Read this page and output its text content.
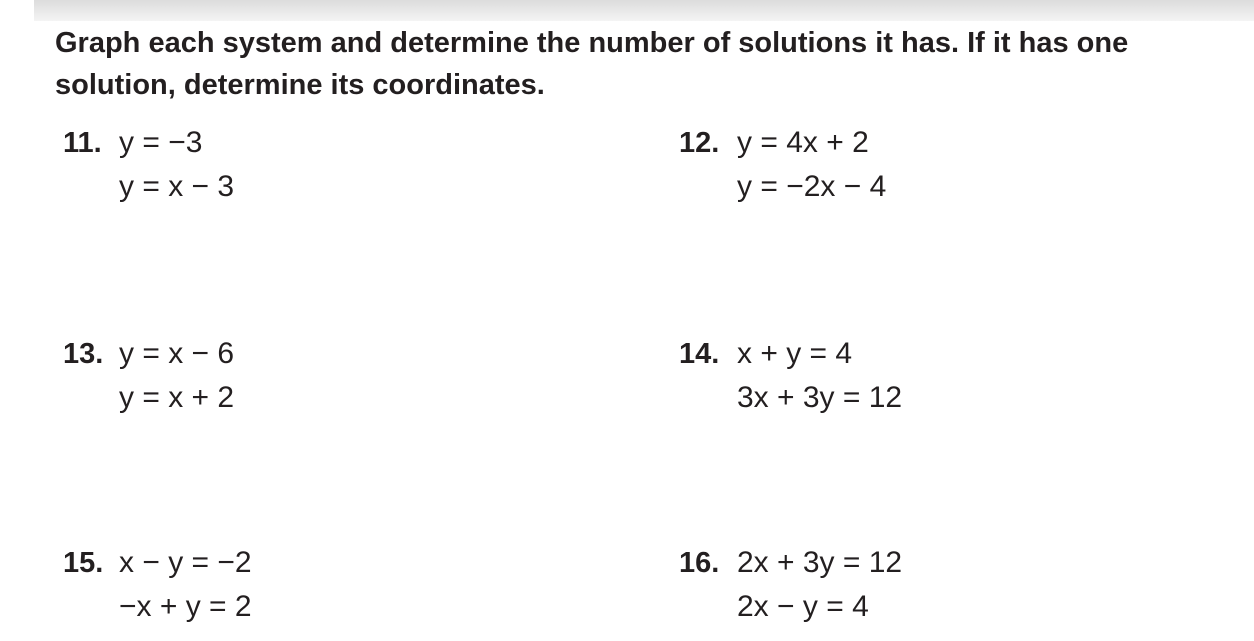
Graph each system and determine the number of solutions it has. If it has one solution, determine its coordinates.

11. y = −3
y = x − 3
12. y = 4x + 2
y = −2x − 4
13. y = x − 6
y = x + 2
14. x + y = 4
3x + 3y = 12
15. x − y = −2
−x + y = 2
16. 2x + 3y = 12
2x − y = 4
